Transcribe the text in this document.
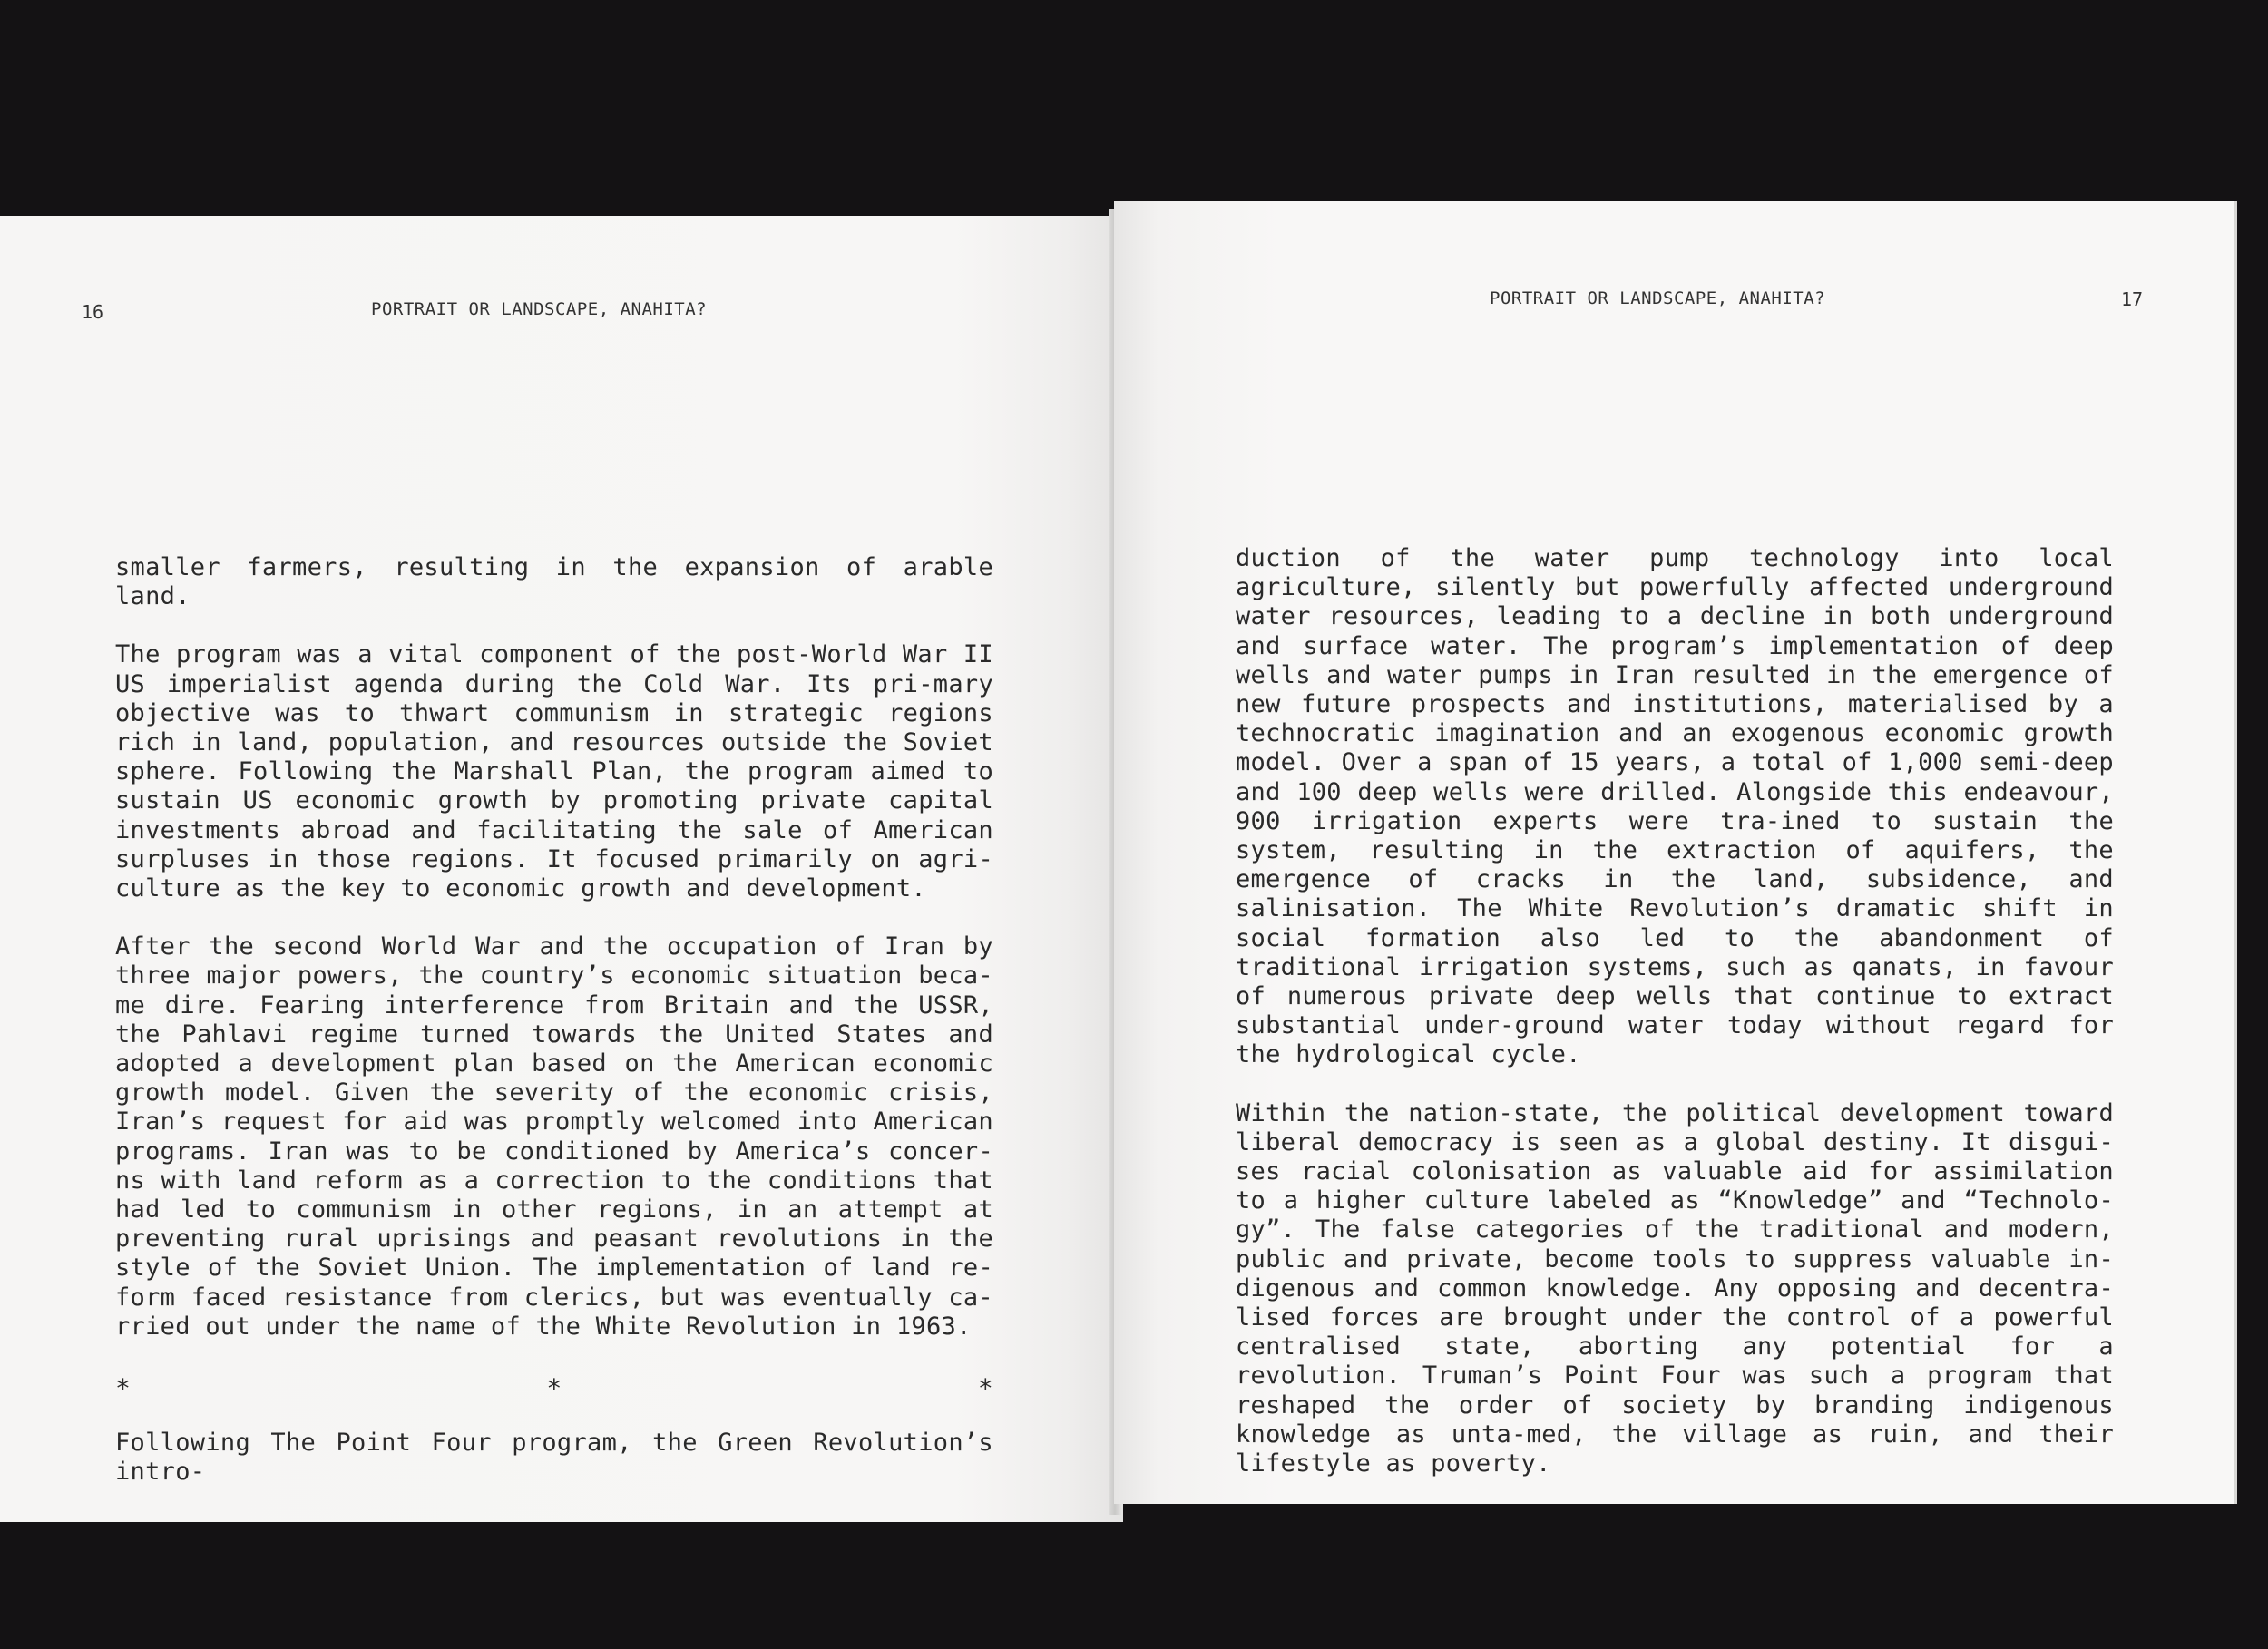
16	PORTRAIT OR LANDSCAPE, ANAHITA?

smaller farmers, resulting in the expansion of arable land.

The program was a vital component of the post-World War II US imperialist agenda during the Cold War. Its pri-mary objective was to thwart communism in strategic regions rich in land, population, and resources outside the Soviet sphere. Following the Marshall Plan, the program aimed to sustain US economic growth by promoting private capital investments abroad and facilitating the sale of American surpluses in those regions. It focused primarily on agri-culture as the key to economic growth and development.

After the second World War and the occupation of Iran by three major powers, the country’s economic situation beca-me dire. Fearing interference from Britain and the USSR, the Pahlavi regime turned towards the United States and adopted a development plan based on the American economic growth model. Given the severity of the economic crisis, Iran’s request for aid was promptly welcomed into American programs. Iran was to be conditioned by America’s concer-ns with land reform as a correction to the conditions that had led to communism in other regions, in an attempt at preventing rural uprisings and peasant revolutions in the style of the Soviet Union. The implementation of land re-form faced resistance from clerics, but was eventually ca-rried out under the name of the White Revolution in 1963.

*	*	*

Following The Point Four program, the Green Revolution’s intro-

PORTRAIT OR LANDSCAPE, ANAHITA?	17

duction of the water pump technology into local agriculture, silently but powerfully affected underground water resources, leading to a decline in both underground and surface water. The program’s implementation of deep wells and water pumps in Iran resulted in the emergence of new future prospects and institutions, materialised by a technocratic imagination and an exogenous economic growth model. Over a span of 15 years, a total of 1,000 semi-deep and 100 deep wells were drilled. Alongside this endeavour, 900 irrigation experts were tra-ined to sustain the system, resulting in the extraction of aquifers, the emergence of cracks in the land, subsidence, and salinisation. The White Revolution’s dramatic shift in social formation also led to the abandonment of traditional irrigation systems, such as qanats, in favour of numerous private deep wells that continue to extract substantial under-ground water today without regard for the hydrological cycle.

Within the nation-state, the political development toward liberal democracy is seen as a global destiny. It disgui-ses racial colonisation as valuable aid for assimilation to a higher culture labeled as “Knowledge” and “Technolo-gy”. The false categories of the traditional and modern, public and private, become tools to suppress valuable in-digenous and common knowledge. Any opposing and decentra-lised forces are brought under the control of a powerful centralised state, aborting any potential for a revolution. Truman’s Point Four was such a program that reshaped the order of society by branding indigenous knowledge as unta-med, the village as ruin, and their lifestyle as poverty.
